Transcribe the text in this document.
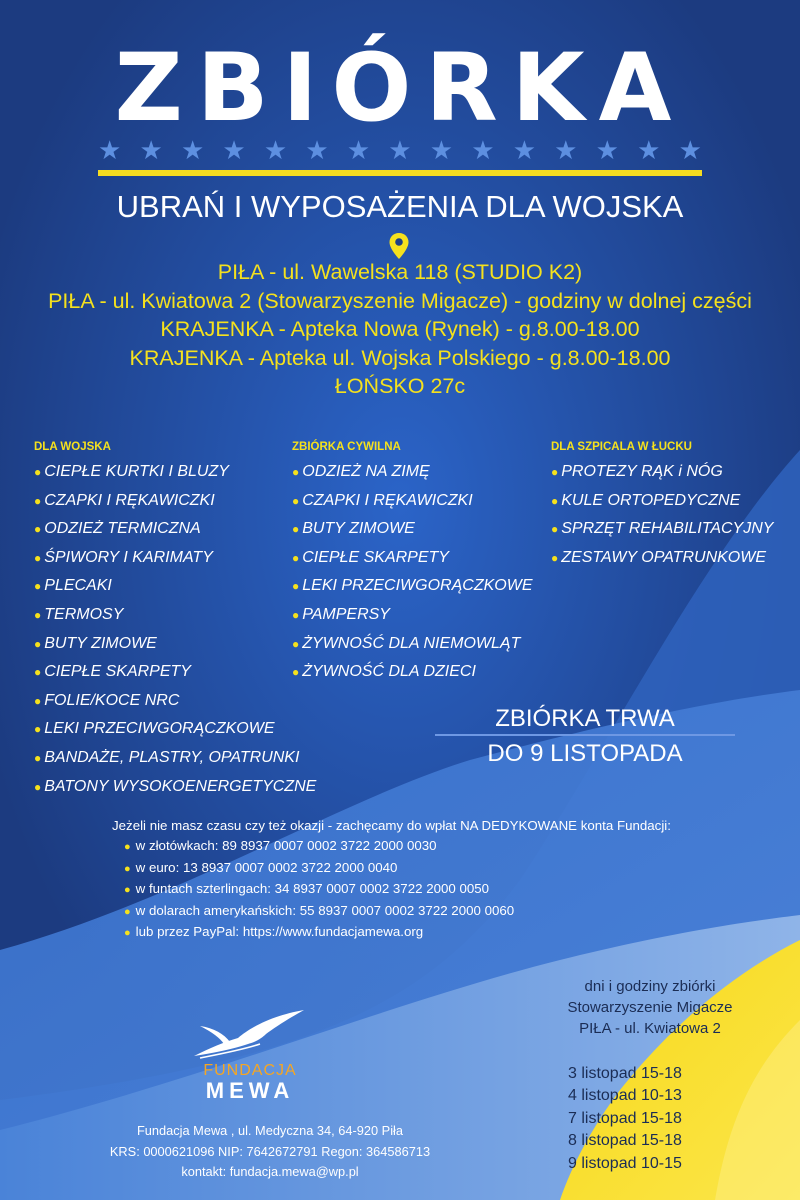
ZBIÓRKA
★ ★ ★ ★ ★ ★ ★ ★ ★ ★ ★ ★ ★ ★ ★
UBRAŃ I WYPOSAŻENIA DLA WOJSKA
PIŁA - ul. Wawelska 118 (STUDIO K2)
PIŁA - ul. Kwiatowa 2 (Stowarzyszenie Migacze) - godziny w dolnej części
KRAJENKA - Apteka Nowa (Rynek) - g.8.00-18.00
KRAJENKA - Apteka ul. Wojska Polskiego - g.8.00-18.00
ŁOŃSKO 27c
DLA WOJSKA
● CIEPŁE KURTKI I BLUZY
● CZAPKI I RĘKAWICZKI
● ODZIEŻ TERMICZNA
● ŚPIWORY I KARIMATY
● PLECAKI
● TERMOSY
● BUTY ZIMOWE
● CIEPŁE SKARPETY
● FOLIE/KOCE NRC
● LEKI PRZECIWGORĄCZKOWE
● BANDAŻE, PLASTRY, OPATRUNKI
● BATONY WYSOKOENERGETYCZNE
ZBIÓRKA CYWILNA
● ODZIEŻ NA ZIMĘ
● CZAPKI I RĘKAWICZKI
● BUTY ZIMOWE
● CIEPŁE SKARPETY
● LEKI PRZECIWGORĄCZKOWE
● PAMPERSY
● ŻYWNOŚĆ DLA NIEMOWLĄT
● ŻYWNOŚĆ DLA DZIECI
DLA SZPICALA W ŁUCKU
● PROTEZY RĄK i NÓG
● KULE ORTOPEDYCZNE
● SPRZĘT REHABILITACYJNY
● ZESTAWY OPATRUNKOWE
ZBIÓRKA TRWA
DO 9 LISTOPADA
Jeżeli nie masz czasu czy też okazji - zachęcamy do wpłat NA DEDYKOWANE konta Fundacji:
● w złotówkach: 89 8937 0007 0002 3722 2000 0030
● w euro: 13 8937 0007 0002 3722 2000 0040
● w funtach szterlingach: 34 8937 0007 0002 3722 2000 0050
● w dolarach amerykańskich: 55 8937 0007 0002 3722 2000 0060
● lub przez PayPal: https://www.fundacjamewa.org
dni i godziny zbiórki
Stowarzyszenie Migacze
PIŁA - ul. Kwiatowa 2
3 listopad 15-18
4 listopad 10-13
7 listopad 15-18
8 listopad 15-18
9 listopad 10-15
FUNDACJA
MEWA
Fundacja Mewa , ul. Medyczna 34, 64-920 Piła
KRS: 0000621096 NIP: 7642672791 Regon: 364586713
kontakt: fundacja.mewa@wp.pl
